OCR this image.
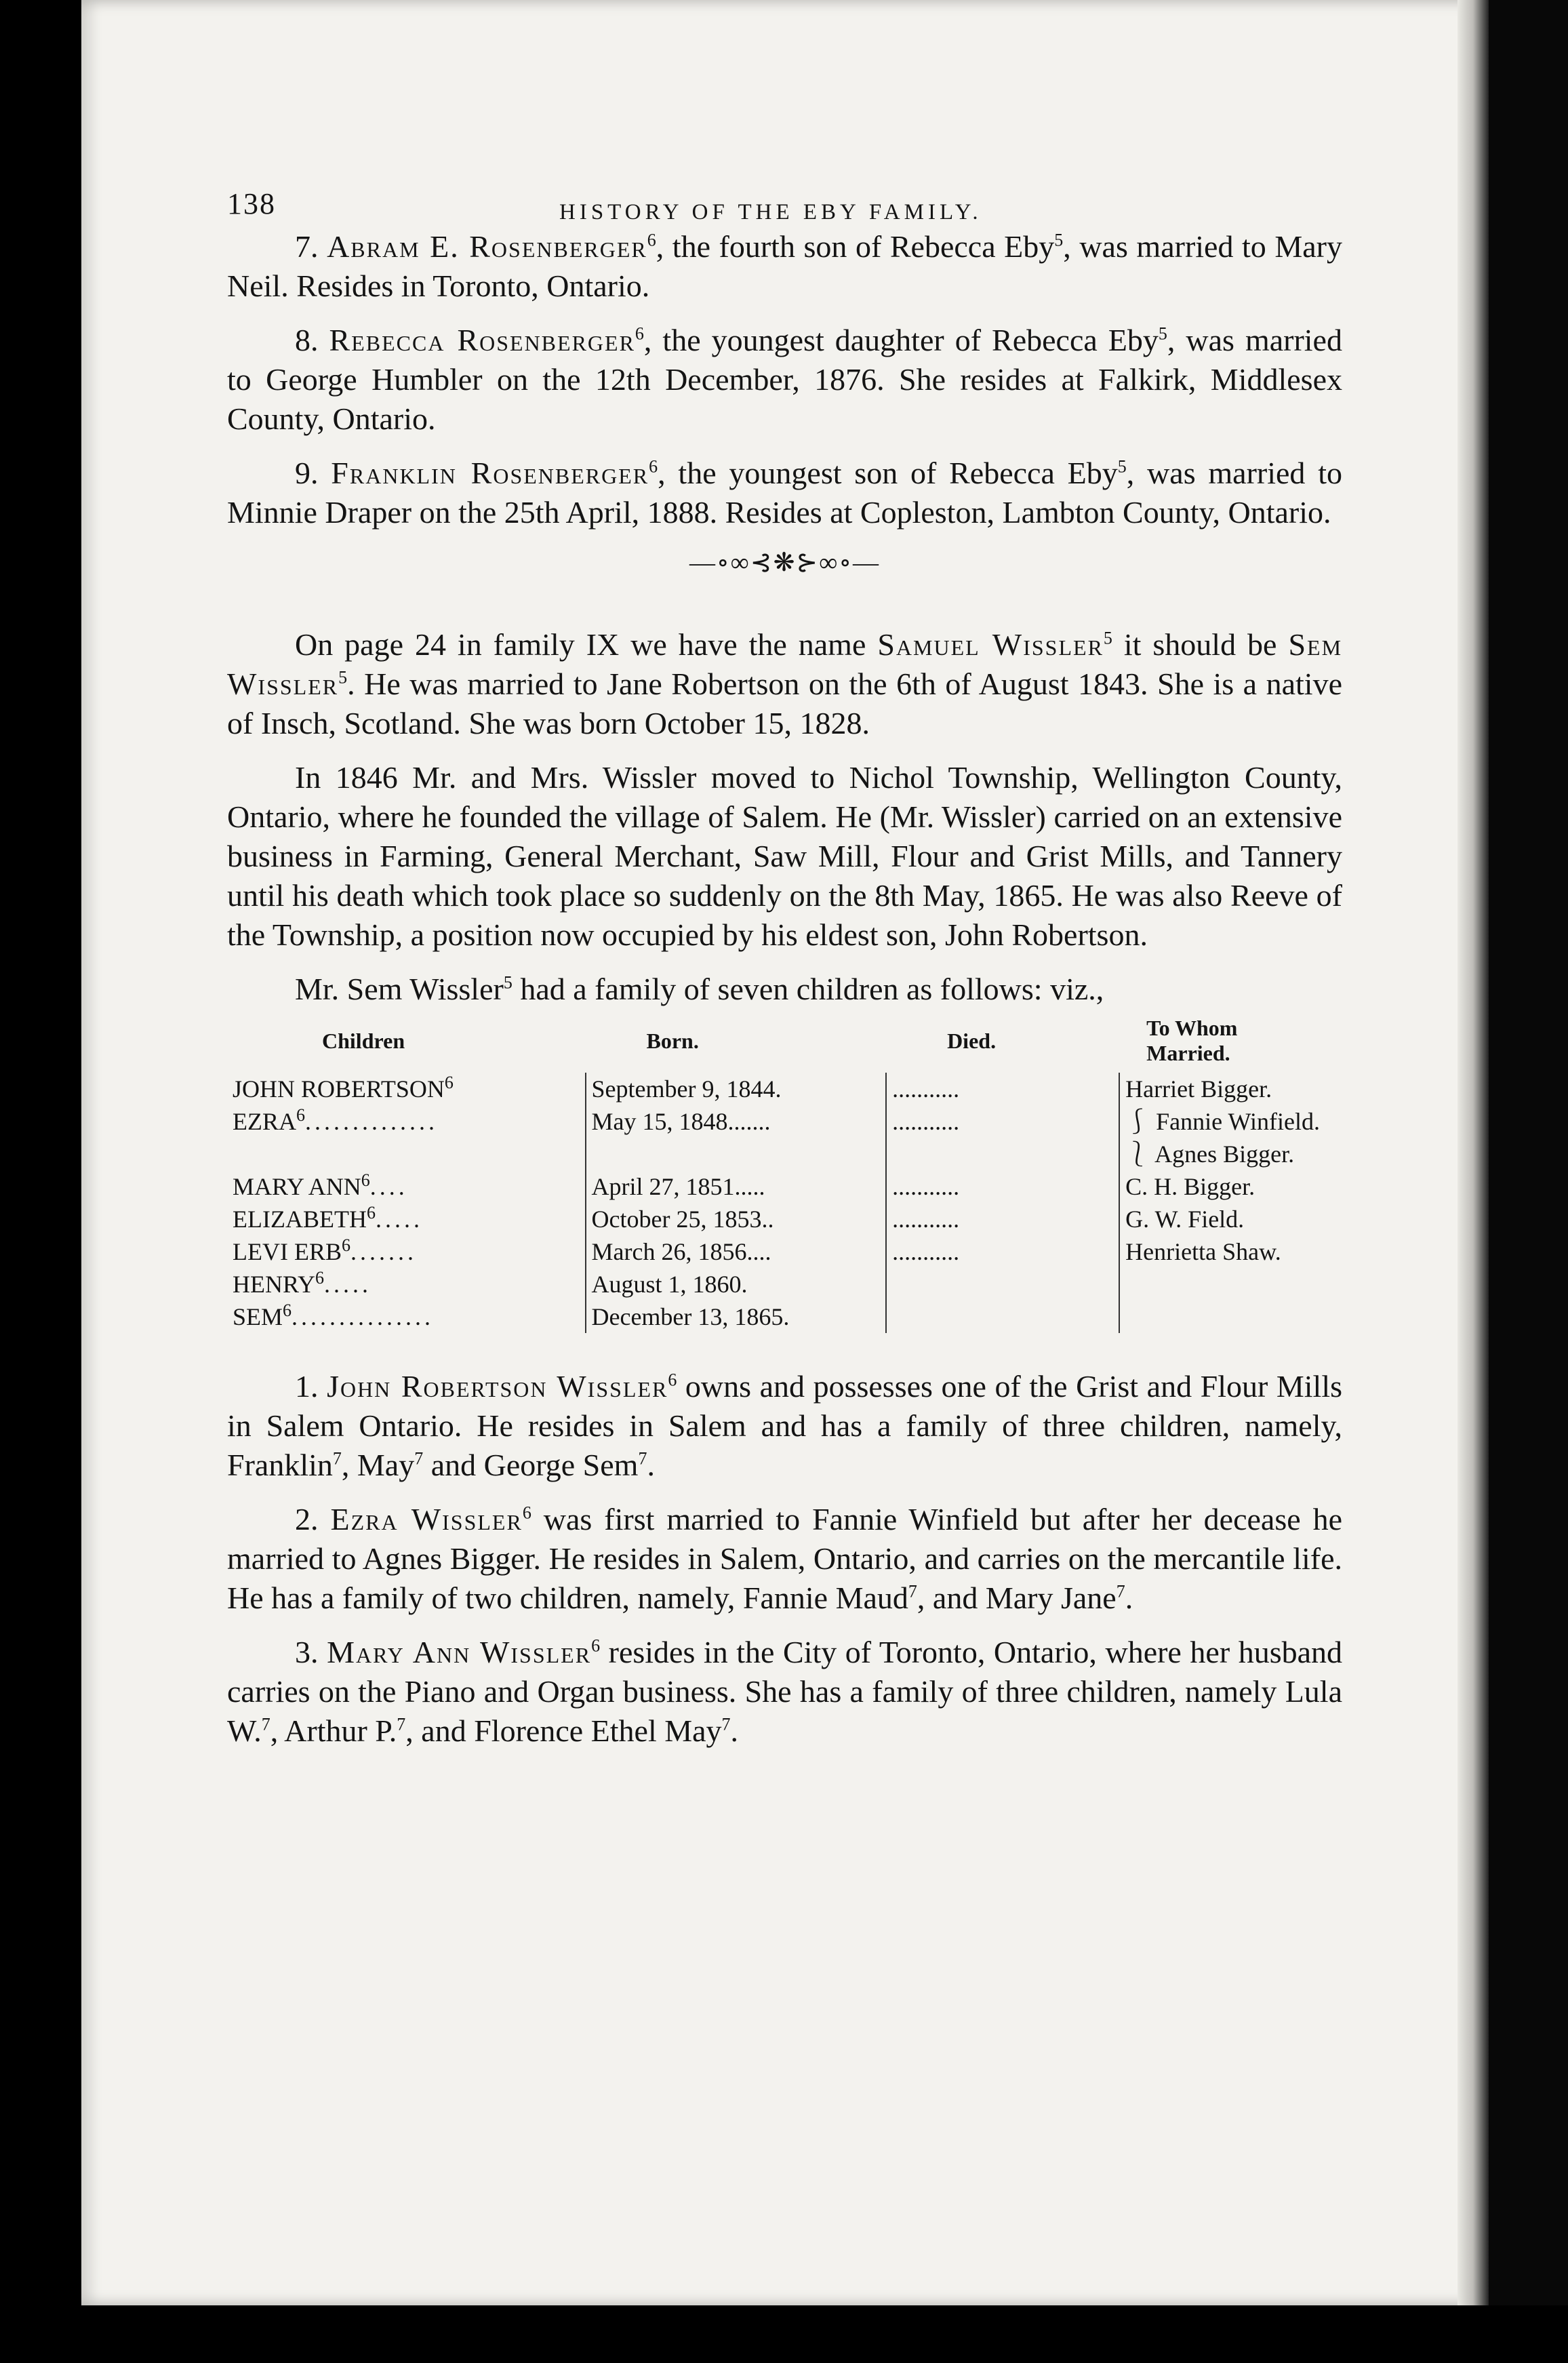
138	HISTORY OF THE EBY FAMILY.

7. Abram E. Rosenberger$^6$, the fourth son of Rebecca Eby$^5$, was married to Mary Neil. Resides in Toronto, Ontario.

8. Rebecca Rosenberger$^6$, the youngest daughter of Rebecca Eby$^5$, was married to George Humbler on the 12th December, 1876. She resides at Falkirk, Middlesex County, Ontario.

9. Franklin Rosenberger$^6$, the youngest son of Rebecca Eby$^5$, was married to Minnie Draper on the 25th April, 1888. Resides at Copleston, Lambton County, Ontario.

—∘∞⊰❋⊱∞∘—

On page 24 in family IX we have the name Samuel Wissler$^5$ it should be Sem Wissler$^5$. He was married to Jane Robertson on the 6th of August 1843. She is a native of Insch, Scotland. She was born October 15, 1828.

In 1846 Mr. and Mrs. Wissler moved to Nichol Township, Wellington County, Ontario, where he founded the village of Salem. He (Mr. Wissler) carried on an extensive business in Farming, General Merchant, Saw Mill, Flour and Grist Mills, and Tannery until his death which took place so suddenly on the 8th May, 1865. He was also Reeve of the Township, a position now occupied by his eldest son, John Robertson.

Mr. Sem Wissler$^5$ had a family of seven children as follows: viz.,

Children	Born.	Died.	To Whom Married.
JOHN ROBERTSON$^6$	September 9, 1844.	...........	Harriet Bigger.
EZRA$^6$..............	May 15, 1848.......	...........	⎰ Fannie Winfield.
			⎱ Agnes Bigger.
MARY ANN$^6$....	April 27, 1851.....	...........	C. H. Bigger.
ELIZABETH$^6$.....	October 25, 1853..	...........	G. W. Field.
LEVI ERB$^6$.......	March 26, 1856....	...........	Henrietta Shaw.
HENRY$^6$.....	August 1, 1860.		
SEM$^6$...............	December 13, 1865.		

1. John Robertson Wissler$^6$ owns and possesses one of the Grist and Flour Mills in Salem Ontario. He resides in Salem and has a family of three children, namely, Franklin$^7$, May$^7$ and George Sem$^7$.

2. Ezra Wissler$^6$ was first married to Fannie Winfield but after her decease he married to Agnes Bigger. He resides in Salem, Ontario, and carries on the mercantile life. He has a family of two children, namely, Fannie Maud$^7$, and Mary Jane$^7$.

3. Mary Ann Wissler$^6$ resides in the City of Toronto, Ontario, where her husband carries on the Piano and Organ business. She has a family of three children, namely Lula W.$^7$, Arthur P.$^7$, and Florence Ethel May$^7$.
